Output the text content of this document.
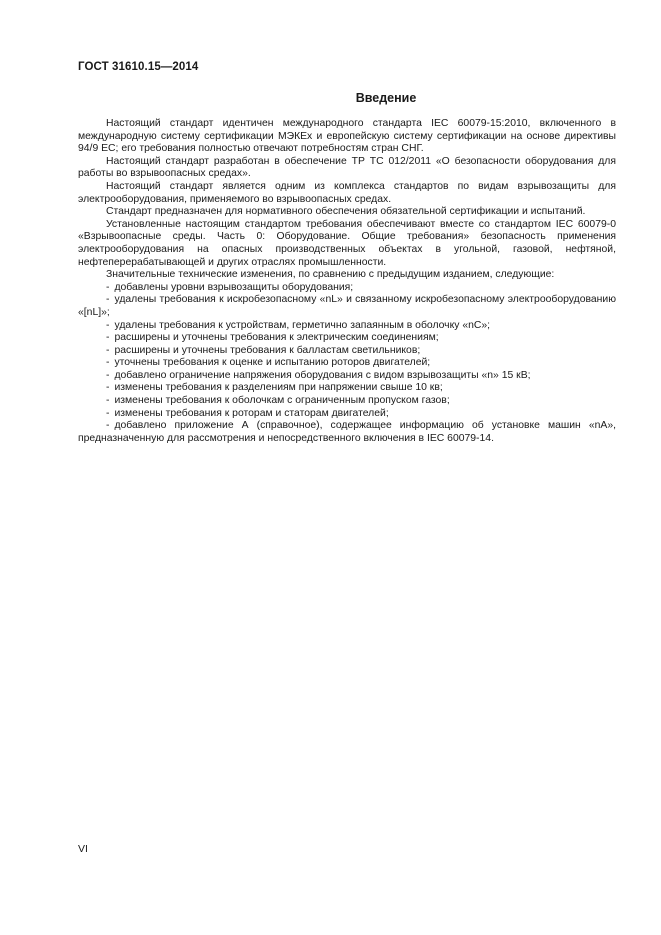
ГОСТ 31610.15—2014
Введение

Настоящий стандарт идентичен международного стандарта IEC 60079-15:2010, включенного в международную систему сертификации МЭКEx и европейскую систему сертификации на основе директивы 94/9 EC; его требования полностью отвечают потребностям стран СНГ.

Настоящий стандарт разработан в обеспечение ТР ТС 012/2011 «О безопасности оборудования для работы во взрывоопасных средах».

Настоящий стандарт является одним из комплекса стандартов по видам взрывозащиты для электрооборудования, применяемого во взрывоопасных средах.

Стандарт предназначен для нормативного обеспечения обязательной сертификации и испытаний.

Установленные настоящим стандартом требования обеспечивают вместе со стандартом IEC 60079-0 «Взрывоопасные среды. Часть 0: Оборудование. Общие требования» безопасность применения электрооборудования на опасных производственных объектах в угольной, газовой, нефтяной, нефтеперерабатывающей и других отраслях промышленности.

Значительные технические изменения, по сравнению с предыдущим изданием, следующие:

- добавлены уровни взрывозащиты оборудования;

- удалены требования к искробезопасному «nL» и связанному искробезопасному электрооборудованию «[nL]»;

- удалены требования к устройствам, герметично запаянным в оболочку «nC»;

- расширены и уточнены требования к электрическим соединениям;

- расширены и уточнены требования к балластам светильников;

- уточнены требования к оценке и испытанию роторов двигателей;

- добавлено ограничение напряжения оборудования с видом взрывозащиты «n» 15 кВ;

- изменены требования к разделениям при напряжении свыше 10 кв;

- изменены требования к оболочкам с ограниченным пропуском газов;

- изменены требования к роторам и статорам двигателей;

- добавлено приложение А (справочное), содержащее информацию об установке машин «nA», предназначенную для рассмотрения и непосредственного включения в IEC 60079-14.

VI
